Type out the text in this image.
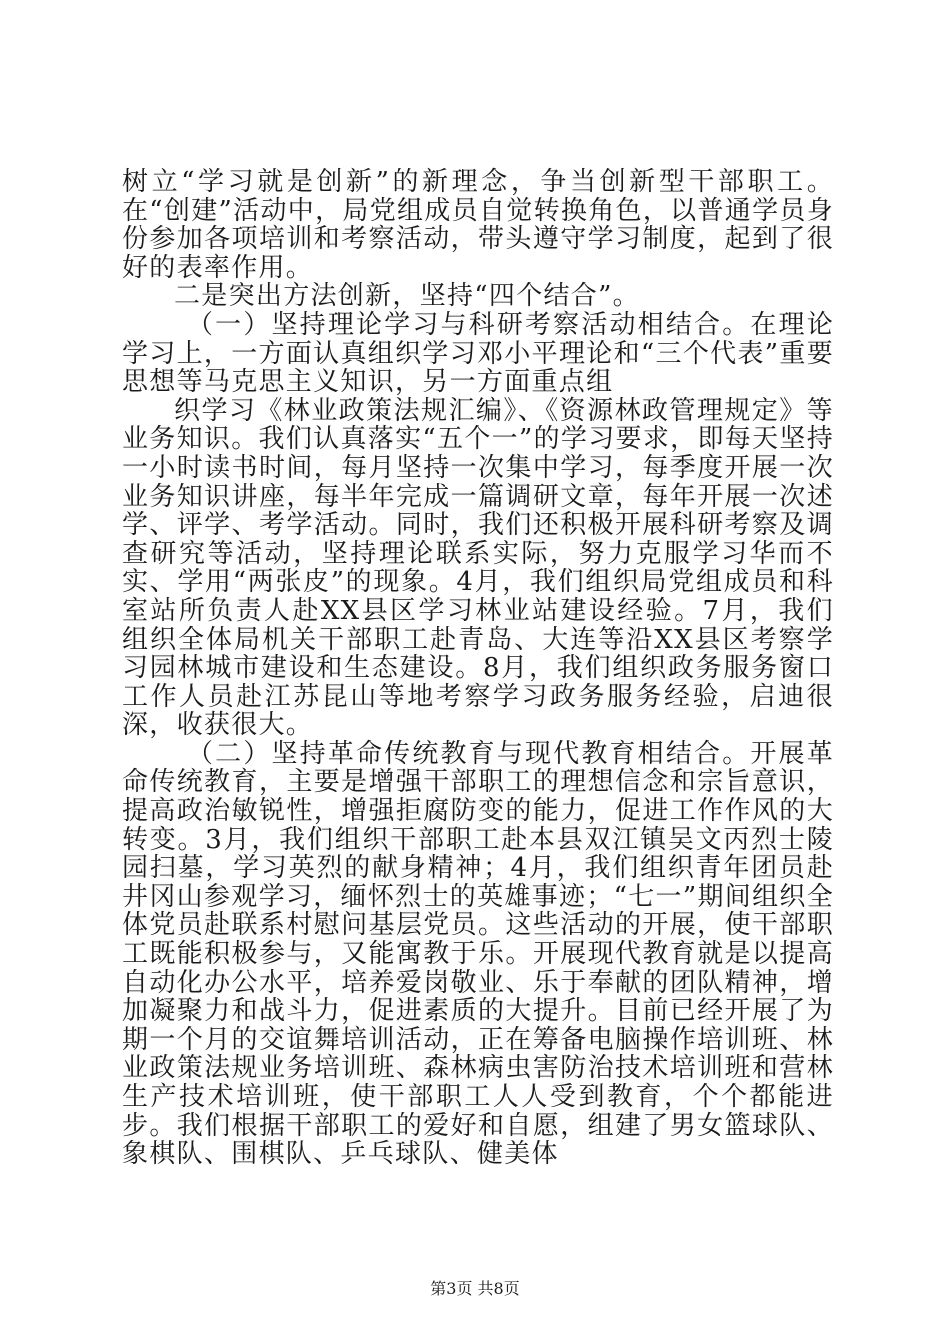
树立“学习就是创新”的新理念，争当创新型干部职工。在“创建”活动中，局党组成员自觉转换角色，以普通学员身份参加各项培训和考察活动，带头遵守学习制度，起到了很好的表率作用。

二是突出方法创新，坚持“四个结合”。

（一）坚持理论学习与科研考察活动相结合。在理论学习上，一方面认真组织学习邓小平理论和“三个代表”重要思想等马克思主义知识，另一方面重点组

织学习《林业政策法规汇编》、《资源林政管理规定》等业务知识。我们认真落实“五个一”的学习要求，即每天坚持一小时读书时间，每月坚持一次集中学习，每季度开展一次业务知识讲座，每半年完成一篇调研文章，每年开展一次述学、评学、考学活动。同时，我们还积极开展科研考察及调查研究等活动，坚持理论联系实际，努力克服学习华而不实、学用“两张皮”的现象。4月，我们组织局党组成员和科室站所负责人赴XX县区学习林业站建设经验。7月，我们组织全体局机关干部职工赴青岛、大连等沿XX县区考察学习园林城市建设和生态建设。8月，我们组织政务服务窗口工作人员赴江苏昆山等地考察学习政务服务经验，启迪很深，收获很大。

（二）坚持革命传统教育与现代教育相结合。开展革命传统教育，主要是增强干部职工的理想信念和宗旨意识，提高政治敏锐性，增强拒腐防变的能力，促进工作作风的大转变。3月，我们组织干部职工赴本县双江镇吴文丙烈士陵园扫墓，学习英烈的献身精神；4月，我们组织青年团员赴井冈山参观学习，缅怀烈士的英雄事迹；“七一”期间组织全体党员赴联系村慰问基层党员。这些活动的开展，使干部职工既能积极参与，又能寓教于乐。开展现代教育就是以提高自动化办公水平，培养爱岗敬业、乐于奉献的团队精神，增加凝聚力和战斗力，促进素质的大提升。目前已经开展了为期一个月的交谊舞培训活动，正在筹备电脑操作培训班、林业政策法规业务培训班、森林病虫害防治技术培训班和营林生产技术培训班，使干部职工人人受到教育，个个都能进步。我们根据干部职工的爱好和自愿，组建了男女篮球队、象棋队、围棋队、乒乓球队、健美体

第3页 共8页
